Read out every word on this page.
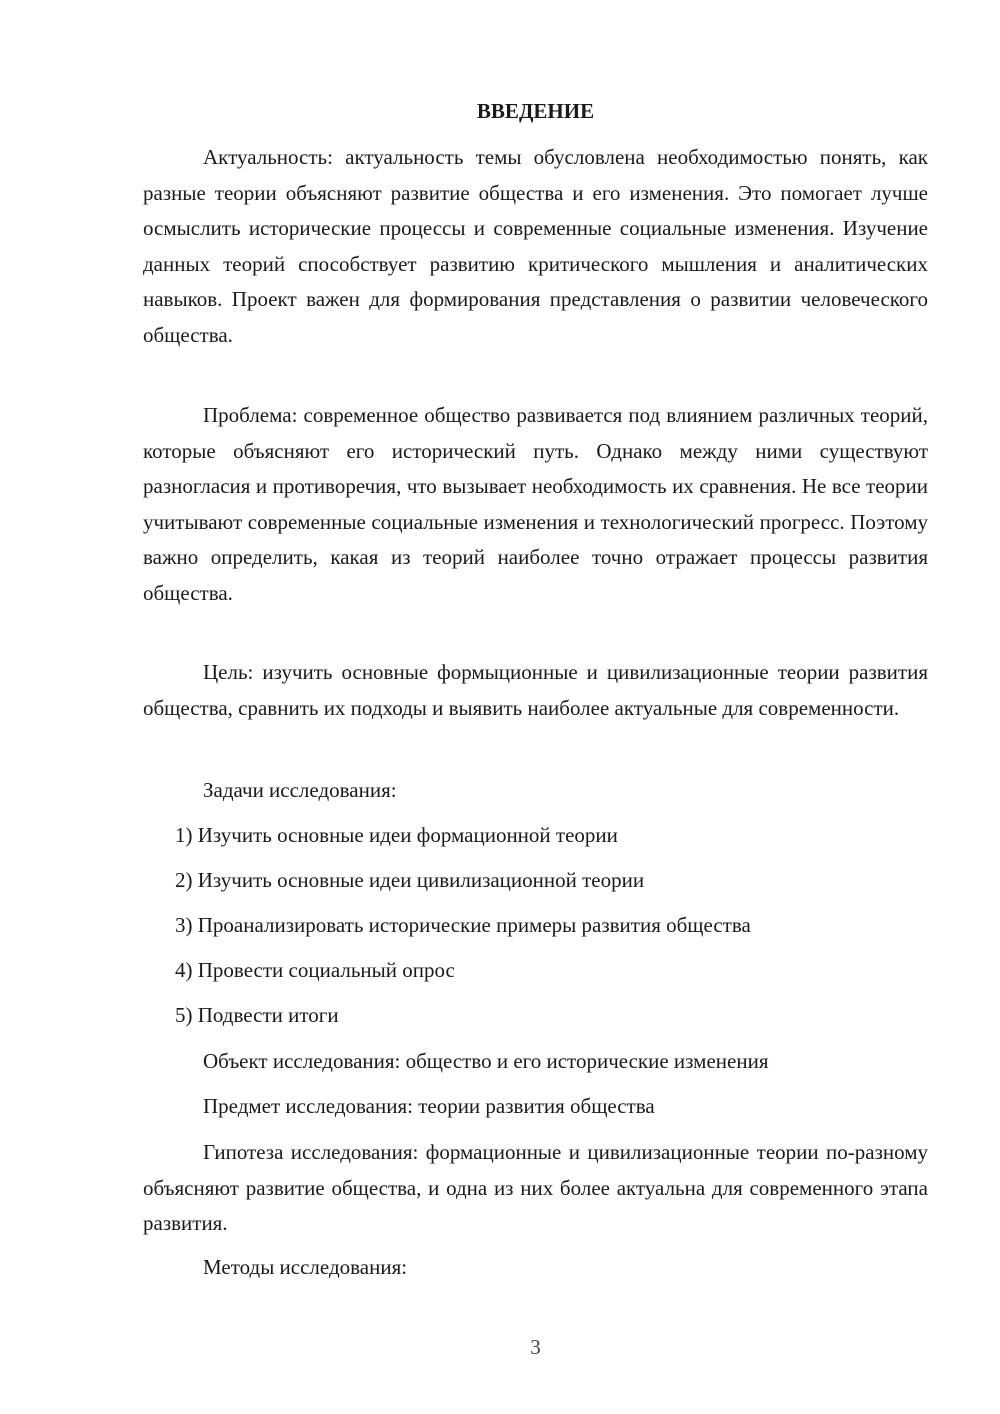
ВВЕДЕНИЕ

Актуальность: актуальность темы обусловлена необходимостью понять, как разные теории объясняют развитие общества и его изменения. Это помогает лучше осмыслить исторические процессы и современные социальные изменения. Изучение данных теорий способствует развитию критического мышления и аналитических навыков. Проект важен для формирования представления о развитии человеческого общества.

Проблема: современное общество развивается под влиянием различных теорий, которые объясняют его исторический путь. Однако между ними существуют разногласия и противоречия, что вызывает необходимость их сравнения. Не все теории учитывают современные социальные изменения и технологический прогресс. Поэтому важно определить, какая из теорий наиболее точно отражает процессы развития общества.

Цель: изучить основные формыционные и цивилизационные теории развития общества, сравнить их подходы и выявить наиболее актуальные для современности.

Задачи исследования:

1) Изучить основные идеи формационной теории

2) Изучить основные идеи цивилизационной теории

3) Проанализировать исторические примеры развития общества

4) Провести социальный опрос

5) Подвести итоги

Объект исследования: общество и его исторические изменения

Предмет исследования: теории развития общества

Гипотеза исследования: формационные и цивилизационные теории по-разному объясняют развитие общества, и одна из них более актуальна для современного этапа развития.

Методы исследования:

3
